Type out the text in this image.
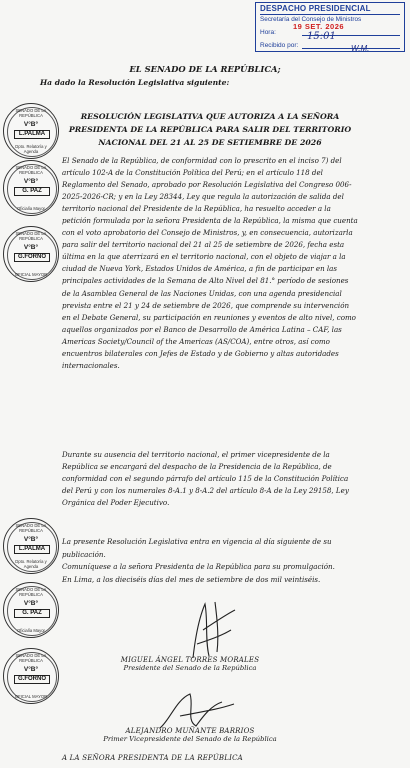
DESPACHO PRESIDENCIAL
Secretaría del Consejo de Ministros
Hora:
Recibido por:
19 SET. 2026
15:01
W.M.
EL SENADO DE LA REPÚBLICA;
Ha dado la Resolución Legislativa siguiente:
RESOLUCIÓN LEGISLATIVA QUE AUTORIZA A LA SEÑORA
PRESIDENTA DE LA REPÚBLICA PARA SALIR DEL TERRITORIO
NACIONAL DEL 21 AL 25 DE SETIEMBRE DE 2026
El Senado de la República, de conformidad con lo prescrito en el inciso 7) del
artículo 102-A de la Constitución Política del Perú; en el artículo 118 del
Reglamento del Senado, aprobado por Resolución Legislativa del Congreso 006-
2025-2026-CR; y en la Ley 28344, Ley que regula la autorización de salida del
territorio nacional del Presidente de la República, ha resuelto acceder a la
petición formulada por la señora Presidenta de la República, la misma que cuenta
con el voto aprobatorio del Consejo de Ministros, y, en consecuencia, autorizarla
para salir del territorio nacional del 21 al 25 de setiembre de 2026, fecha esta
última en la que aterrizará en el territorio nacional, con el objeto de viajar a la
ciudad de Nueva York, Estados Unidos de América, a fin de participar en las
principales actividades de la Semana de Alto Nivel del 81.° período de sesiones
de la Asamblea General de las Naciones Unidas, con una agenda presidencial
prevista entre el 21 y 24 de setiembre de 2026, que comprende su intervención
en el Debate General, su participación en reuniones y eventos de alto nivel, como
aquellos organizados por el Banco de Desarrollo de América Latina – CAF, las
Americas Society/Council of the Americas (AS/COA), entre otros, así como
encuentros bilaterales con Jefes de Estado y de Gobierno y altas autoridades
internacionales.
Durante su ausencia del territorio nacional, el primer vicepresidente de la
República se encargará del despacho de la Presidencia de la República, de
conformidad con el segundo párrafo del artículo 115 de la Constitución Política
del Perú y con los numerales 8-A.1 y 8-A.2 del artículo 8-A de la Ley 29158, Ley
Orgánica del Poder Ejecutivo.
La presente Resolución Legislativa entra en vigencia al día siguiente de su
publicación.
Comuníquese a la señora Presidenta de la República para su promulgación.
En Lima, a los dieciséis días del mes de setiembre de dos mil veintiséis.
SENADO DE LA REPÚBLICA
V°B°
L.PALMA
Dpto. Relatoría y Agenda
SENADO DE LA REPÚBLICA
V°B°
G. PAZ
Oficialía Mayor
SENADO DE LA REPÚBLICA
V°B°
G.FORNO
OFICIAL MAYOR
SENADO DE LA REPÚBLICA
V°B°
L.PALMA
Dpto. Relatoría y Agenda
SENADO DE LA REPÚBLICA
V°B°
G. PAZ
Oficialía Mayor
SENADO DE LA REPÚBLICA
V°B°
G.FORNO
OFICIAL MAYOR
MIGUEL ÁNGEL TORRES MORALES
Presidente del Senado de la República
ALEJANDRO MUÑANTE BARRIOS
Primer Vicepresidente del Senado de la República
A LA SEÑORA PRESIDENTA DE LA REPÚBLICA
